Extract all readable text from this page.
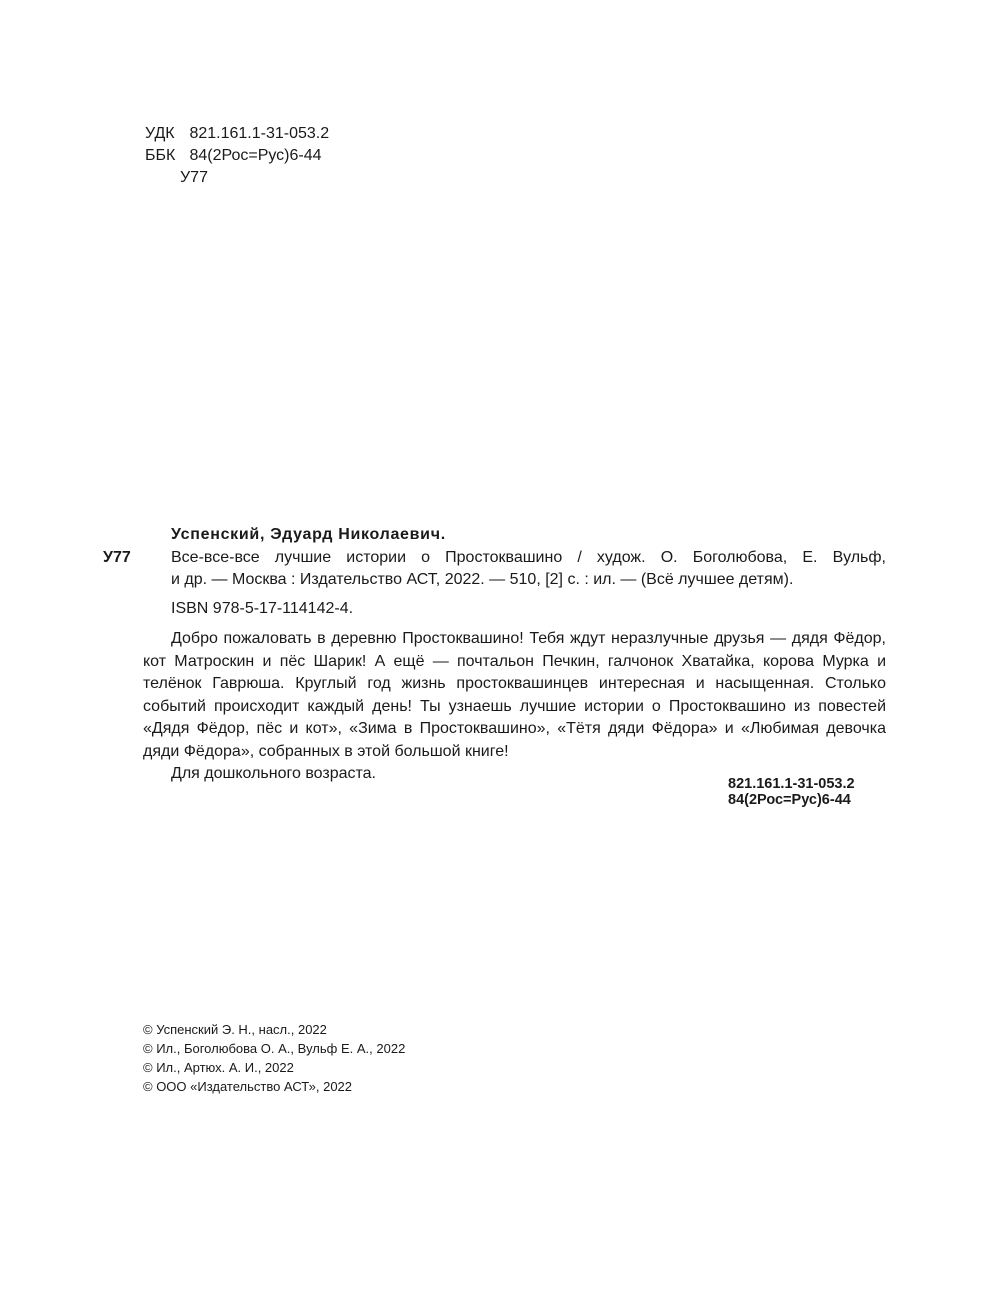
УДК 821.161.1-31-053.2
ББК 84(2Рос=Рус)6-44
У77
Успенский, Эдуард Николаевич.
У77	Все-все-все лучшие истории о Простоквашино / худож. О. Боголюбова, Е. Вульф,
и др. — Москва : Издательство АСТ, 2022. — 510, [2] с. : ил. — (Всё лучшее детям).
ISBN 978-5-17-114142-4.

Добро пожаловать в деревню Простоквашино! Тебя ждут неразлучные друзья — дядя Фёдор, кот Матроскин и пёс Шарик! А ещё — почтальон Печкин, галчонок Хватайка, корова Мурка и телёнок Гаврюша. Круглый год жизнь простоквашинцев интересная и насыщенная. Столько событий происходит каждый день! Ты узнаешь лучшие истории о Простоквашино из повестей «Дядя Фёдор, пёс и кот», «Зима в Простоквашино», «Тётя дяди Фёдора» и «Любимая девочка дяди Фёдора», собранных в этой большой книге!

Для дошкольного возраста.

821.161.1-31-053.2
84(2Рос=Рус)6-44
© Успенский Э. Н., насл., 2022
© Ил., Боголюбова О. А., Вульф Е. А., 2022
© Ил., Артюх. А. И., 2022
© ООО «Издательство АСТ», 2022
